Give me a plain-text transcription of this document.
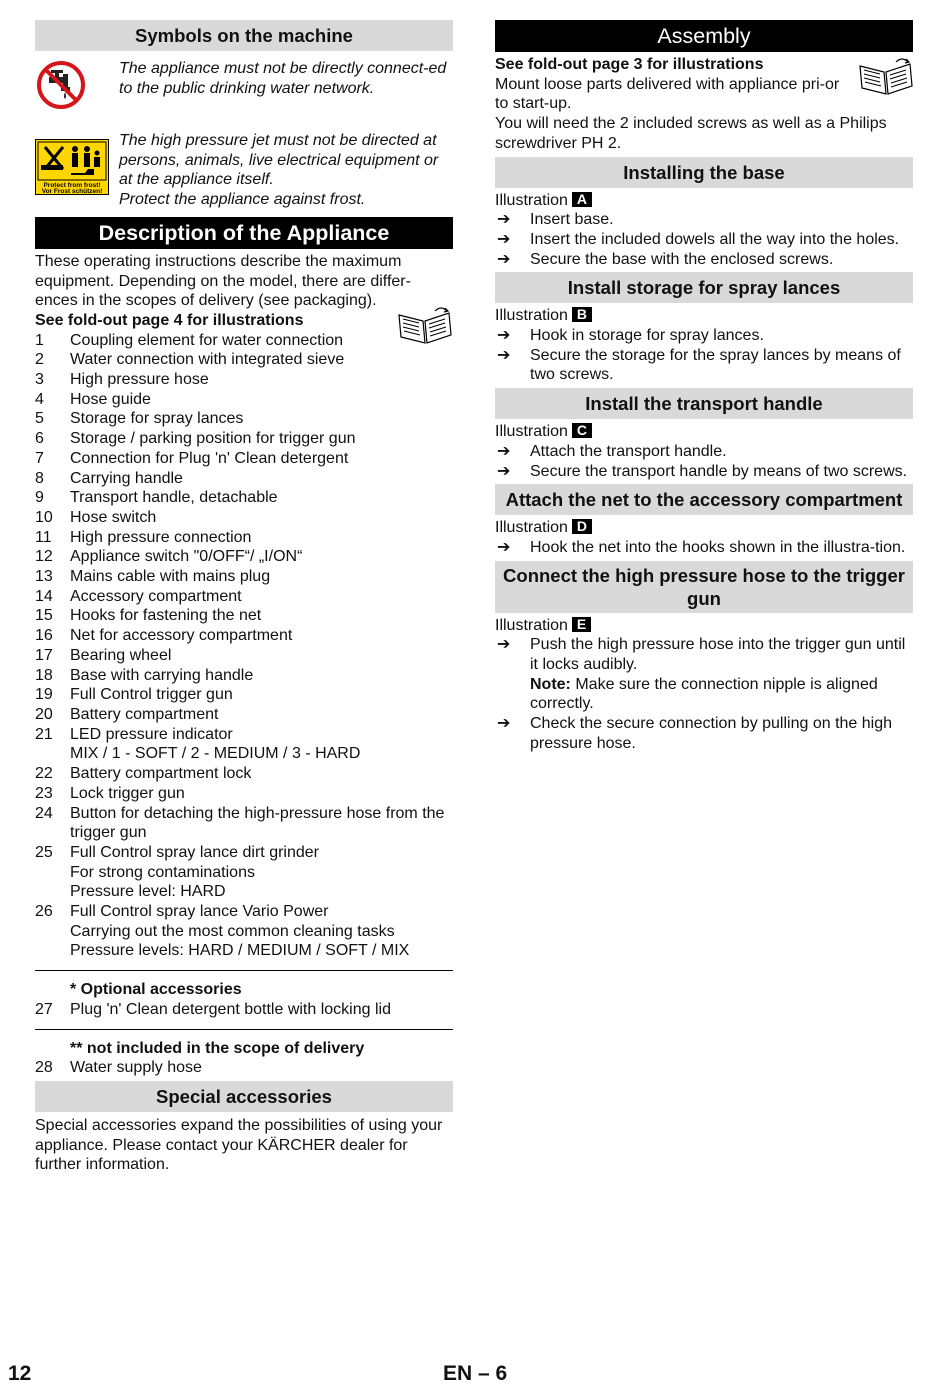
Symbols on the machine

The appliance must not be directly connect-ed to the public drinking water network.

Protect from frost!
Vor Frost schützen!

The high pressure jet must not be directed at persons, animals, live electrical equipment or at the appliance itself.

Protect the appliance against frost.

Description of the Appliance

These operating instructions describe the maximum equipment. Depending on the model, there are differ-ences in the scopes of delivery (see packaging).

See fold-out page 4 for illustrations

1 Coupling element for water connection
2 Water connection with integrated sieve
3 High pressure hose
4 Hose guide
5 Storage for spray lances
6 Storage / parking position for trigger gun
7 Connection for Plug 'n' Clean detergent
8 Carrying handle
9 Transport handle, detachable
10 Hose switch
11 High pressure connection
12 Appliance switch "0/OFF“/ „I/ON“
13 Mains cable with mains plug
14 Accessory compartment
15 Hooks for fastening the net
16 Net for accessory compartment
17 Bearing wheel
18 Base with carrying handle
19 Full Control trigger gun
20 Battery compartment
21 LED pressure indicator
MIX / 1 - SOFT / 2 - MEDIUM / 3 - HARD
22 Battery compartment lock
23 Lock trigger gun
24 Button for detaching the high-pressure hose from the trigger gun
25 Full Control spray lance dirt grinder
For strong contaminations
Pressure level: HARD
26 Full Control spray lance Vario Power
Carrying out the most common cleaning tasks
Pressure levels: HARD / MEDIUM / SOFT / MIX

* Optional accessories

27 Plug 'n' Clean detergent bottle with locking lid

** not included in the scope of delivery

28 Water supply hose
Special accessories

Special accessories expand the possibilities of using your appliance. Please contact your KÄRCHER dealer for further information.

Assembly

See fold-out page 3 for illustrations

Mount loose parts delivered with appliance pri-or to start-up.

You will need the 2 included screws as well as a Philips screwdriver PH 2.

Installing the base

Illustration A

➔ Insert base.
➔ Insert the included dowels all the way into the holes.
➔ Secure the base with the enclosed screws.
Install storage for spray lances

Illustration B

➔ Hook in storage for spray lances.
➔ Secure the storage for the spray lances by means of two screws.
Install the transport handle

Illustration C

➔ Attach the transport handle.
➔ Secure the transport handle by means of two screws.
Attach the net to the accessory compartment

Illustration D

➔ Hook the net into the hooks shown in the illustra-tion.
Connect the high pressure hose to the trigger gun

Illustration E

➔ Push the high pressure hose into the trigger gun until it locks audibly.
Note: Make sure the connection nipple is aligned correctly.
➔ Check the secure connection by pulling on the high pressure hose.
12	EN – 6
